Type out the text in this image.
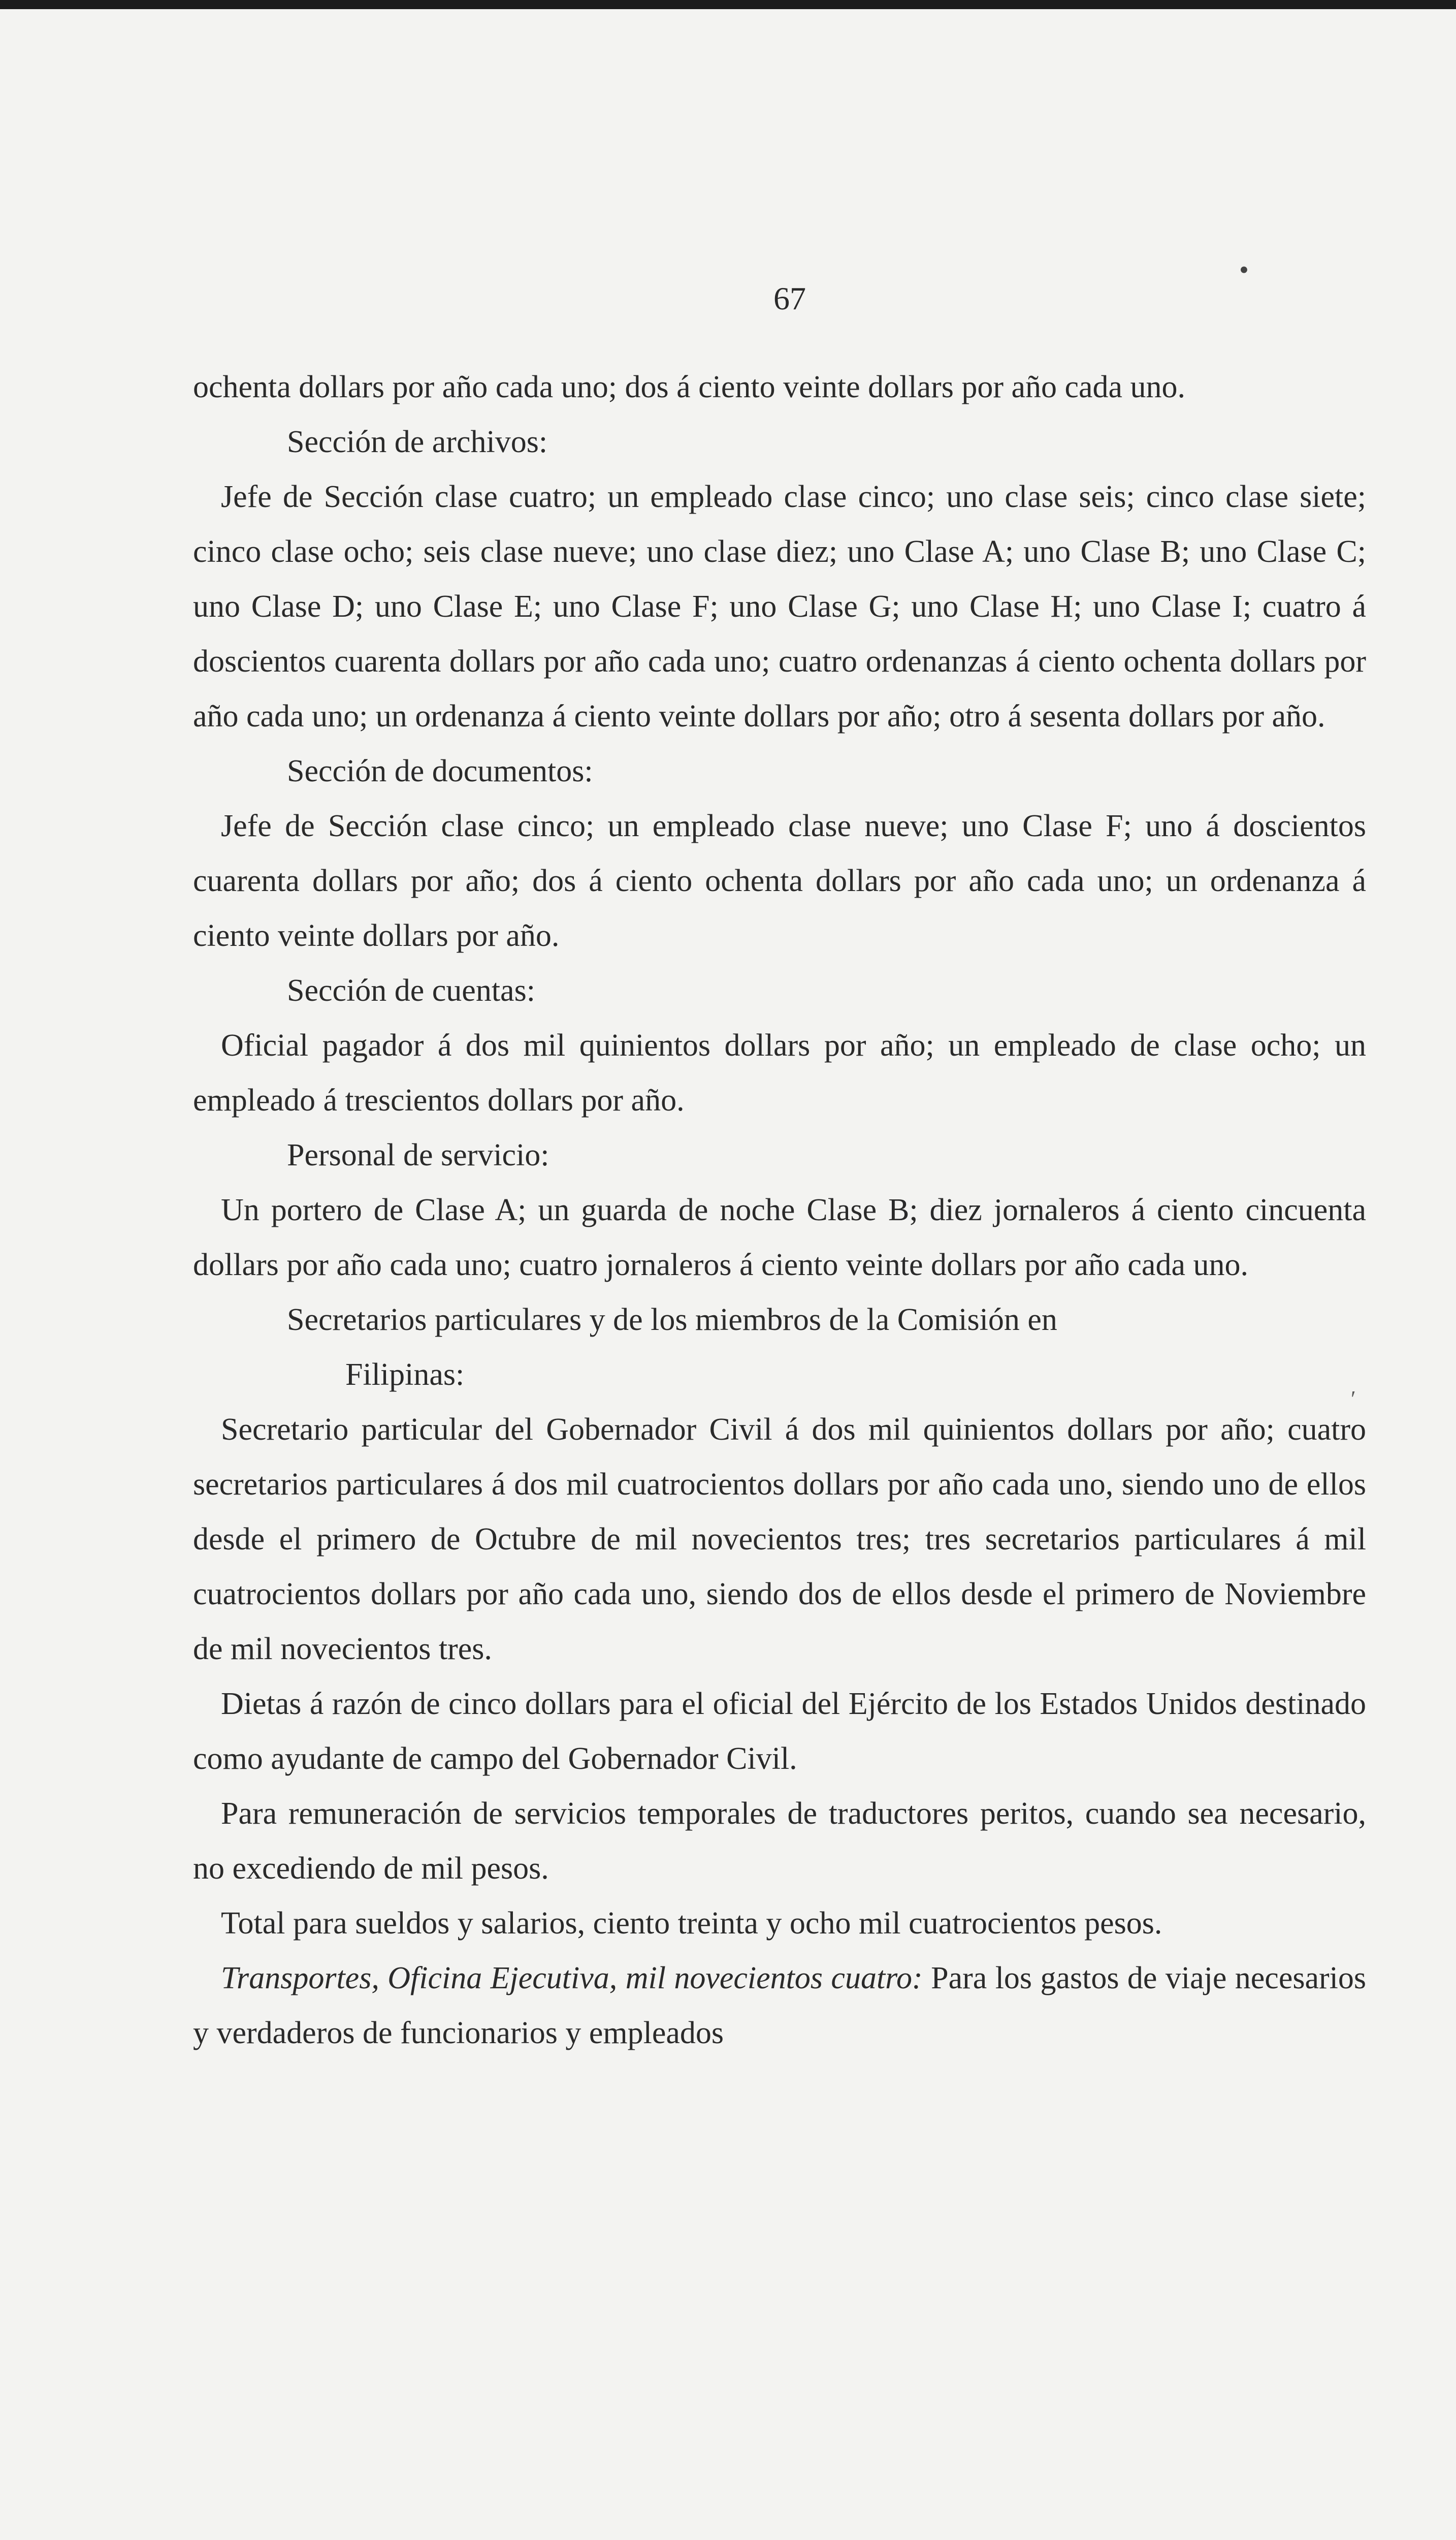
•
ʹ
67

ochenta dollars por año cada uno; dos á ciento veinte dollars por año cada uno.

Sección de archivos:

Jefe de Sección clase cuatro; un empleado clase cinco; uno clase seis; cinco clase siete; cinco clase ocho; seis clase nueve; uno clase diez; uno Clase A; uno Clase B; uno Clase C; uno Clase D; uno Clase E; uno Clase F; uno Clase G; uno Clase H; uno Clase I; cuatro á doscientos cuarenta dollars por año cada uno; cuatro ordenanzas á ciento ochenta dollars por año cada uno; un ordenanza á ciento veinte dollars por año; otro á sesenta dollars por año.

Sección de documentos:

Jefe de Sección clase cinco; un empleado clase nueve; uno Clase F; uno á doscientos cuarenta dollars por año; dos á ciento ochenta dollars por año cada uno; un ordenanza á ciento veinte dollars por año.

Sección de cuentas:

Oficial pagador á dos mil quinientos dollars por año; un empleado de clase ocho; un empleado á trescientos dollars por año.

Personal de servicio:

Un portero de Clase A; un guarda de noche Clase B; diez jornaleros á ciento cincuenta dollars por año cada uno; cuatro jornaleros á ciento veinte dollars por año cada uno.

Secretarios particulares y de los miembros de la Comisión en

Filipinas:

Secretario particular del Gobernador Civil á dos mil quinientos dollars por año; cuatro secretarios particulares á dos mil cuatrocientos dollars por año cada uno, siendo uno de ellos desde el primero de Octubre de mil novecientos tres; tres secretarios particulares á mil cuatrocientos dollars por año cada uno, siendo dos de ellos desde el primero de Noviembre de mil novecientos tres.

Dietas á razón de cinco dollars para el oficial del Ejército de los Estados Unidos destinado como ayudante de campo del Gobernador Civil.

Para remuneración de servicios temporales de traductores peritos, cuando sea necesario, no excediendo de mil pesos.

Total para sueldos y salarios, ciento treinta y ocho mil cuatrocientos pesos.

Transportes, Oficina Ejecutiva, mil novecientos cuatro: Para los gastos de viaje necesarios y verdaderos de funcionarios y empleados
